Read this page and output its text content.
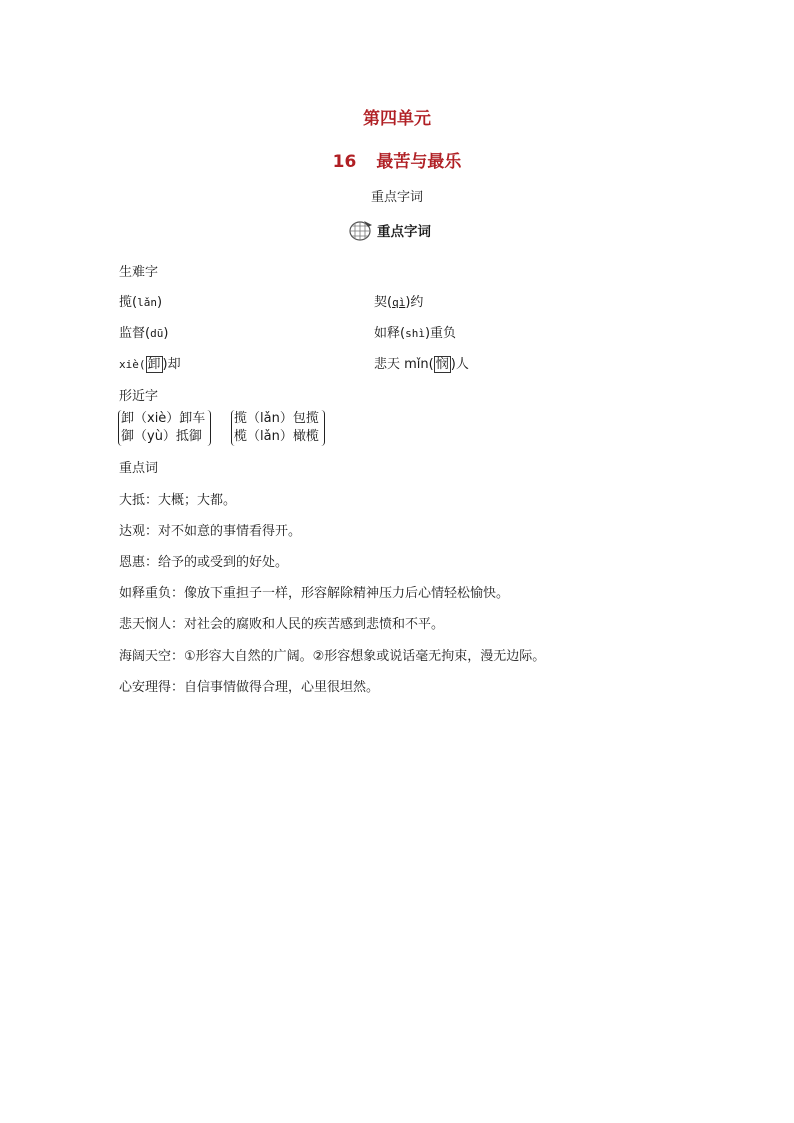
第四单元
16 最苦与最乐
重点字词
重点字词
生难字
揽(lǎn)	契(qì)约
监督(dū)	如释(shì)重负
xiè( 卸 )却	悲天 mǐn( 悯 )人
形近字
卸（xiè）卸车
御（yù）抵御
揽（lǎn）包揽
榄（lǎn）橄榄
重点词
大抵：大概；大都。
达观：对不如意的事情看得开。
恩惠：给予的或受到的好处。
如释重负：像放下重担子一样，形容解除精神压力后心情轻松愉快。
悲天悯人：对社会的腐败和人民的疾苦感到悲愤和不平。
海阔天空：①形容大自然的广阔。②形容想象或说话毫无拘束，漫无边际。
心安理得：自信事情做得合理，心里很坦然。
